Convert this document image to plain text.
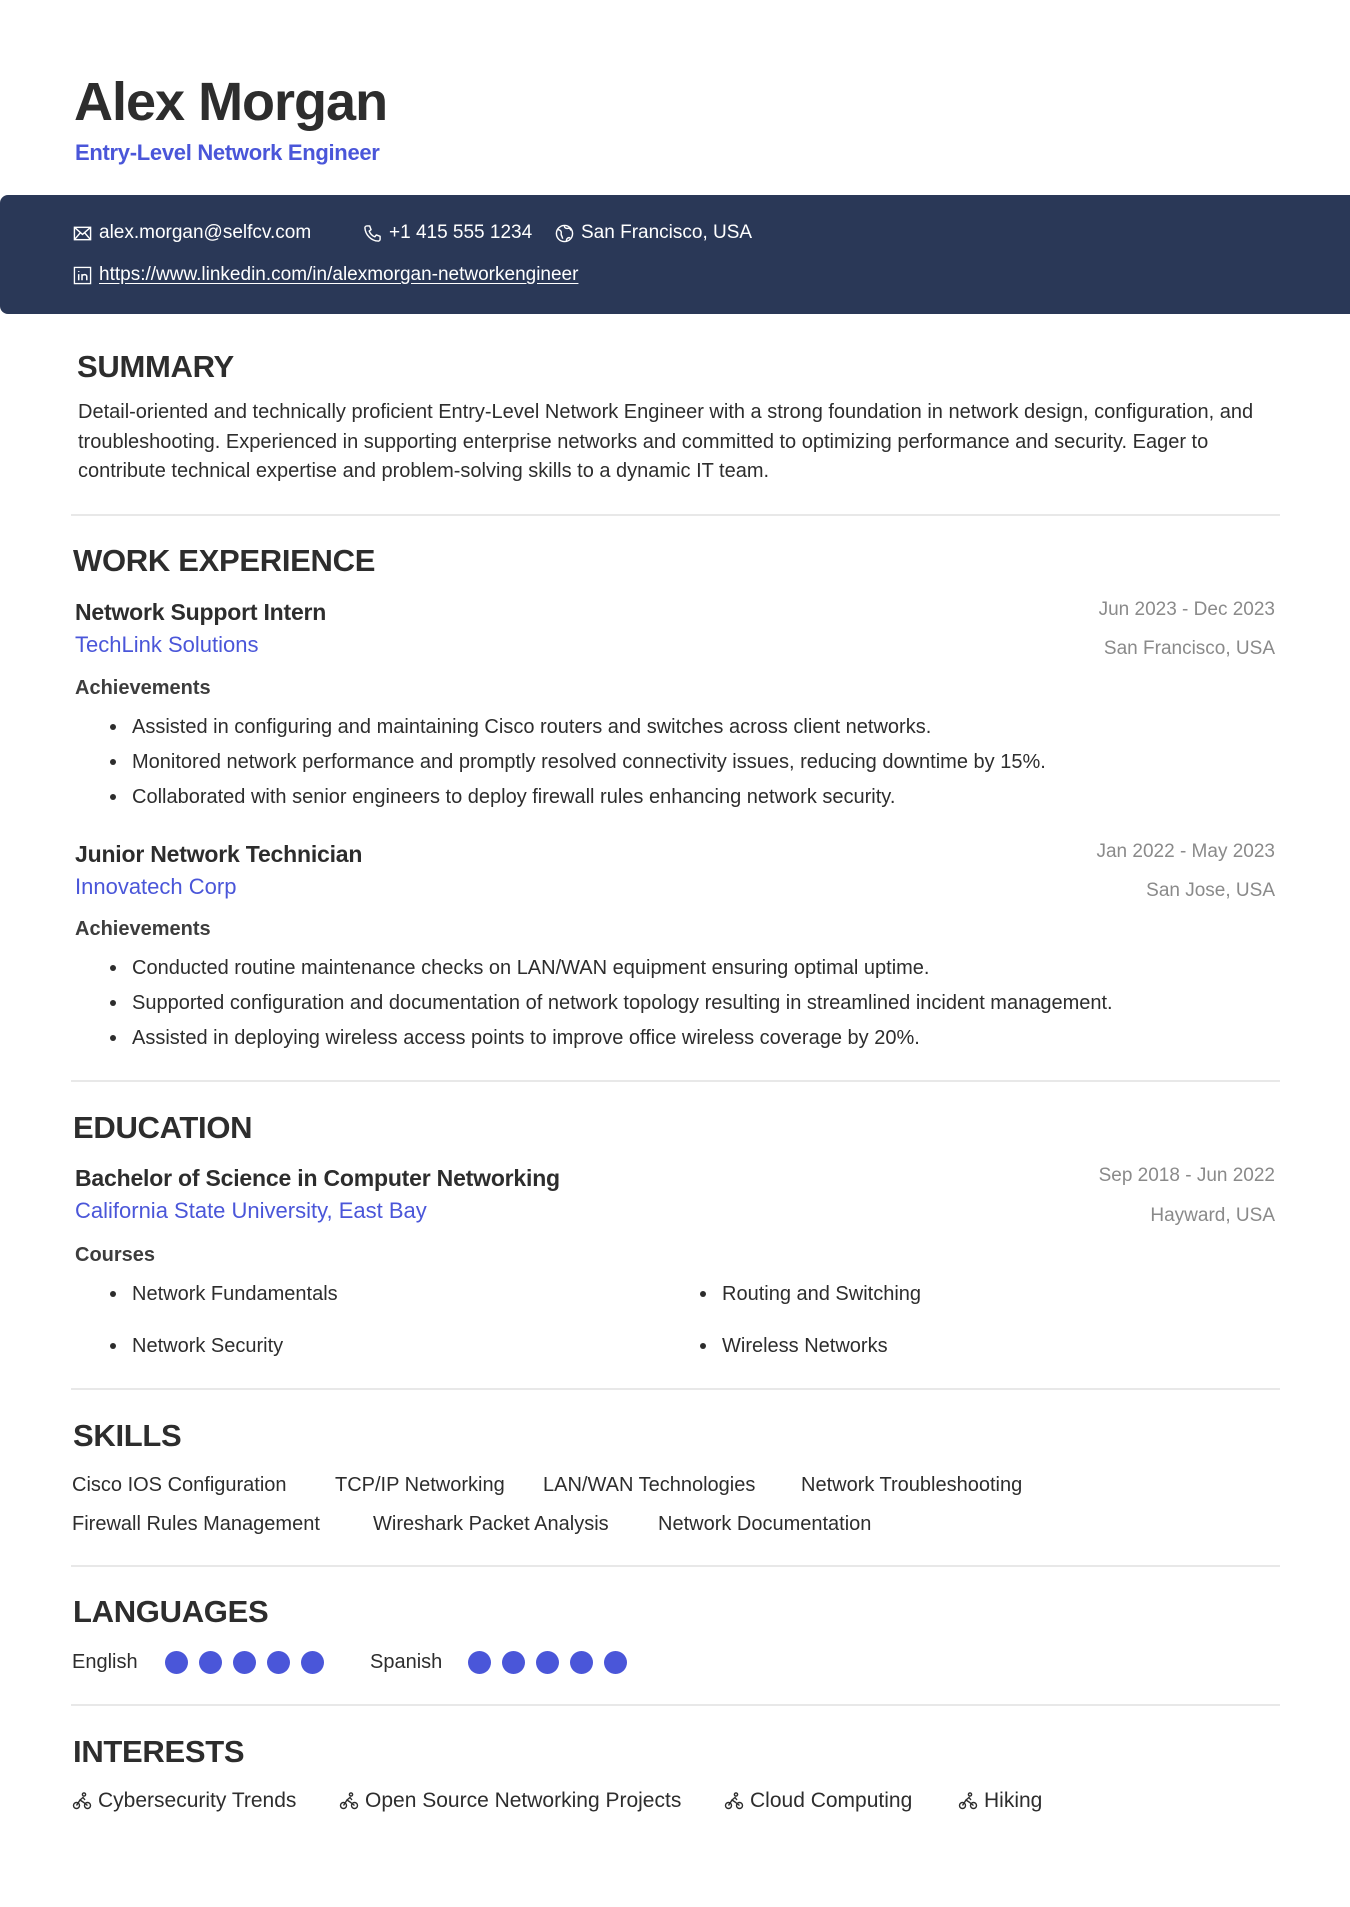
Alex Morgan
Entry-Level Network Engineer
alex.morgan@selfcv.com	+1 415 555 1234	San Francisco, USA
https://www.linkedin.com/in/alexmorgan-networkengineer
SUMMARY
Detail-oriented and technically proficient Entry-Level Network Engineer with a strong foundation in network design, configuration, and troubleshooting. Experienced in supporting enterprise networks and committed to optimizing performance and security. Eager to contribute technical expertise and problem-solving skills to a dynamic IT team.
WORK EXPERIENCE
Network Support Intern	Jun 2023 - Dec 2023
TechLink Solutions	San Francisco, USA
Achievements
Assisted in configuring and maintaining Cisco routers and switches across client networks.
Monitored network performance and promptly resolved connectivity issues, reducing downtime by 15%.
Collaborated with senior engineers to deploy firewall rules enhancing network security.
Junior Network Technician	Jan 2022 - May 2023
Innovatech Corp	San Jose, USA
Achievements
Conducted routine maintenance checks on LAN/WAN equipment ensuring optimal uptime.
Supported configuration and documentation of network topology resulting in streamlined incident management.
Assisted in deploying wireless access points to improve office wireless coverage by 20%.
EDUCATION
Bachelor of Science in Computer Networking	Sep 2018 - Jun 2022
California State University, East Bay	Hayward, USA
Courses
Network Fundamentals	Routing and Switching
Network Security	Wireless Networks
SKILLS
Cisco IOS Configuration TCP/IP Networking LAN/WAN Technologies Network Troubleshooting
Firewall Rules Management	Wireshark Packet Analysis Network Documentation
LANGUAGES
English	Spanish
INTERESTS
Cybersecurity Trends	Open Source Networking Projects	Cloud Computing	Hiking
